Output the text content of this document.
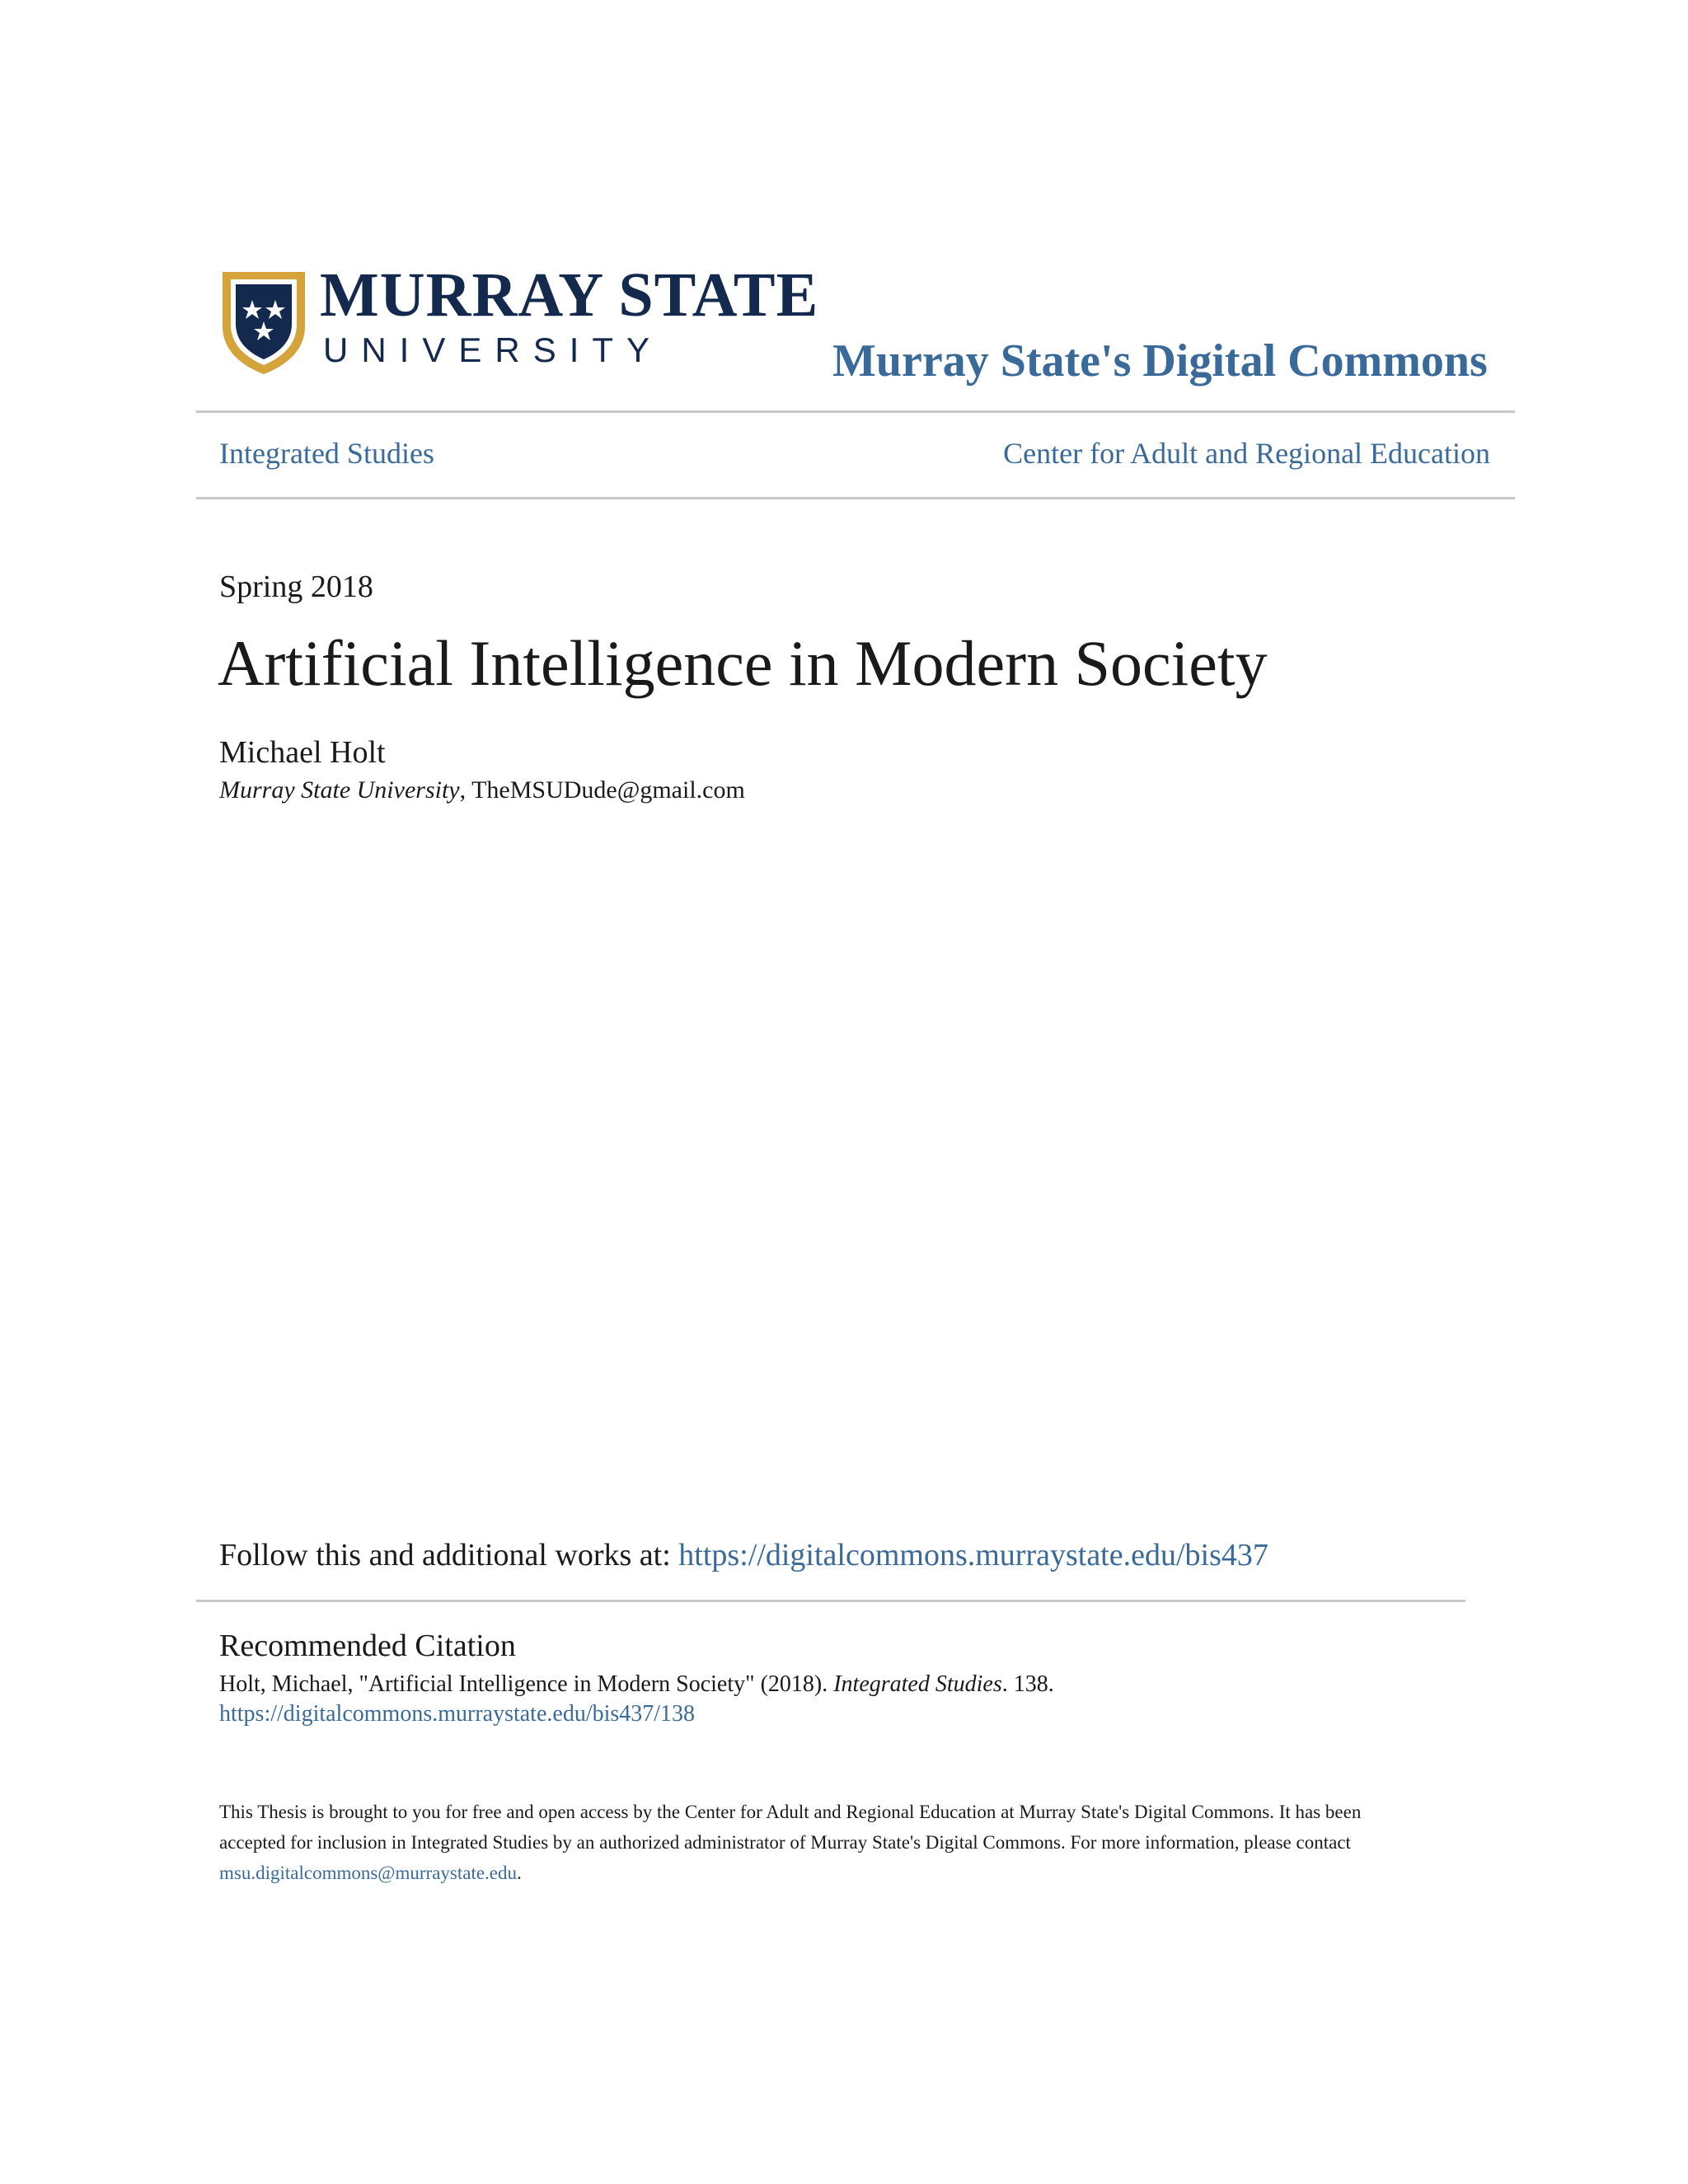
MURRAY STATE
UNIVERSITY	Murray State's Digital Commons
Integrated Studies	Center for Adult and Regional Education
Spring 2018
Artificial Intelligence in Modern Society
Michael Holt
Murray State University, TheMSUDude@gmail.com
Follow this and additional works at: https://digitalcommons.murraystate.edu/bis437
Recommended Citation
Holt, Michael, "Artificial Intelligence in Modern Society" (2018). Integrated Studies. 138.
https://digitalcommons.murraystate.edu/bis437/138
This Thesis is brought to you for free and open access by the Center for Adult and Regional Education at Murray State's Digital Commons. It has been
accepted for inclusion in Integrated Studies by an authorized administrator of Murray State's Digital Commons. For more information, please contact
msu.digitalcommons@murraystate.edu.
